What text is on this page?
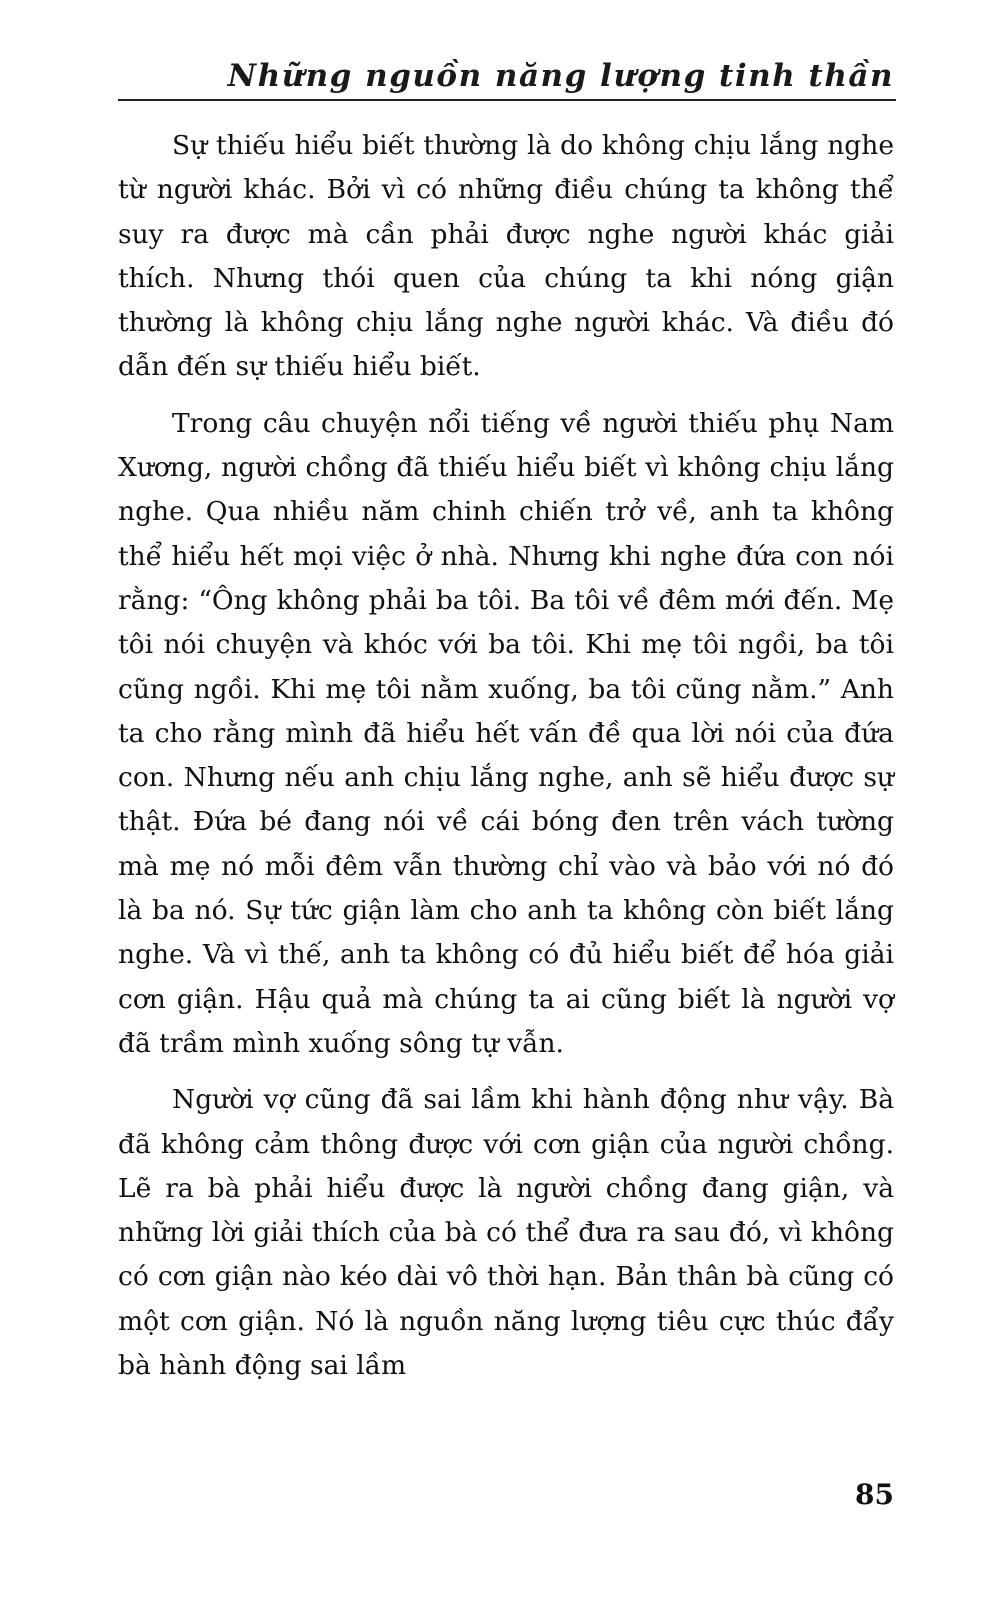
Những nguồn năng lượng tinh thần

Sự thiếu hiểu biết thường là do không chịu lắng nghe từ người khác. Bởi vì có những điều chúng ta không thể suy ra được mà cần phải được nghe người khác giải thích. Nhưng thói quen của chúng ta khi nóng giận thường là không chịu lắng nghe người khác. Và điều đó dẫn đến sự thiếu hiểu biết.

Trong câu chuyện nổi tiếng về người thiếu phụ Nam Xương, người chồng đã thiếu hiểu biết vì không chịu lắng nghe. Qua nhiều năm chinh chiến trở về, anh ta không thể hiểu hết mọi việc ở nhà. Nhưng khi nghe đứa con nói rằng: “Ông không phải ba tôi. Ba tôi về đêm mới đến. Mẹ tôi nói chuyện và khóc với ba tôi. Khi mẹ tôi ngồi, ba tôi cũng ngồi. Khi mẹ tôi nằm xuống, ba tôi cũng nằm.” Anh ta cho rằng mình đã hiểu hết vấn đề qua lời nói của đứa con. Nhưng nếu anh chịu lắng nghe, anh sẽ hiểu được sự thật. Đứa bé đang nói về cái bóng đen trên vách tường mà mẹ nó mỗi đêm vẫn thường chỉ vào và bảo với nó đó là ba nó. Sự tức giận làm cho anh ta không còn biết lắng nghe. Và vì thế, anh ta không có đủ hiểu biết để hóa giải cơn giận. Hậu quả mà chúng ta ai cũng biết là người vợ đã trầm mình xuống sông tự vẫn.

Người vợ cũng đã sai lầm khi hành động như vậy. Bà đã không cảm thông được với cơn giận của người chồng. Lẽ ra bà phải hiểu được là người chồng đang giận, và những lời giải thích của bà có thể đưa ra sau đó, vì không có cơn giận nào kéo dài vô thời hạn. Bản thân bà cũng có một cơn giận. Nó là nguồn năng lượng tiêu cực thúc đẩy bà hành động sai lầm

85
